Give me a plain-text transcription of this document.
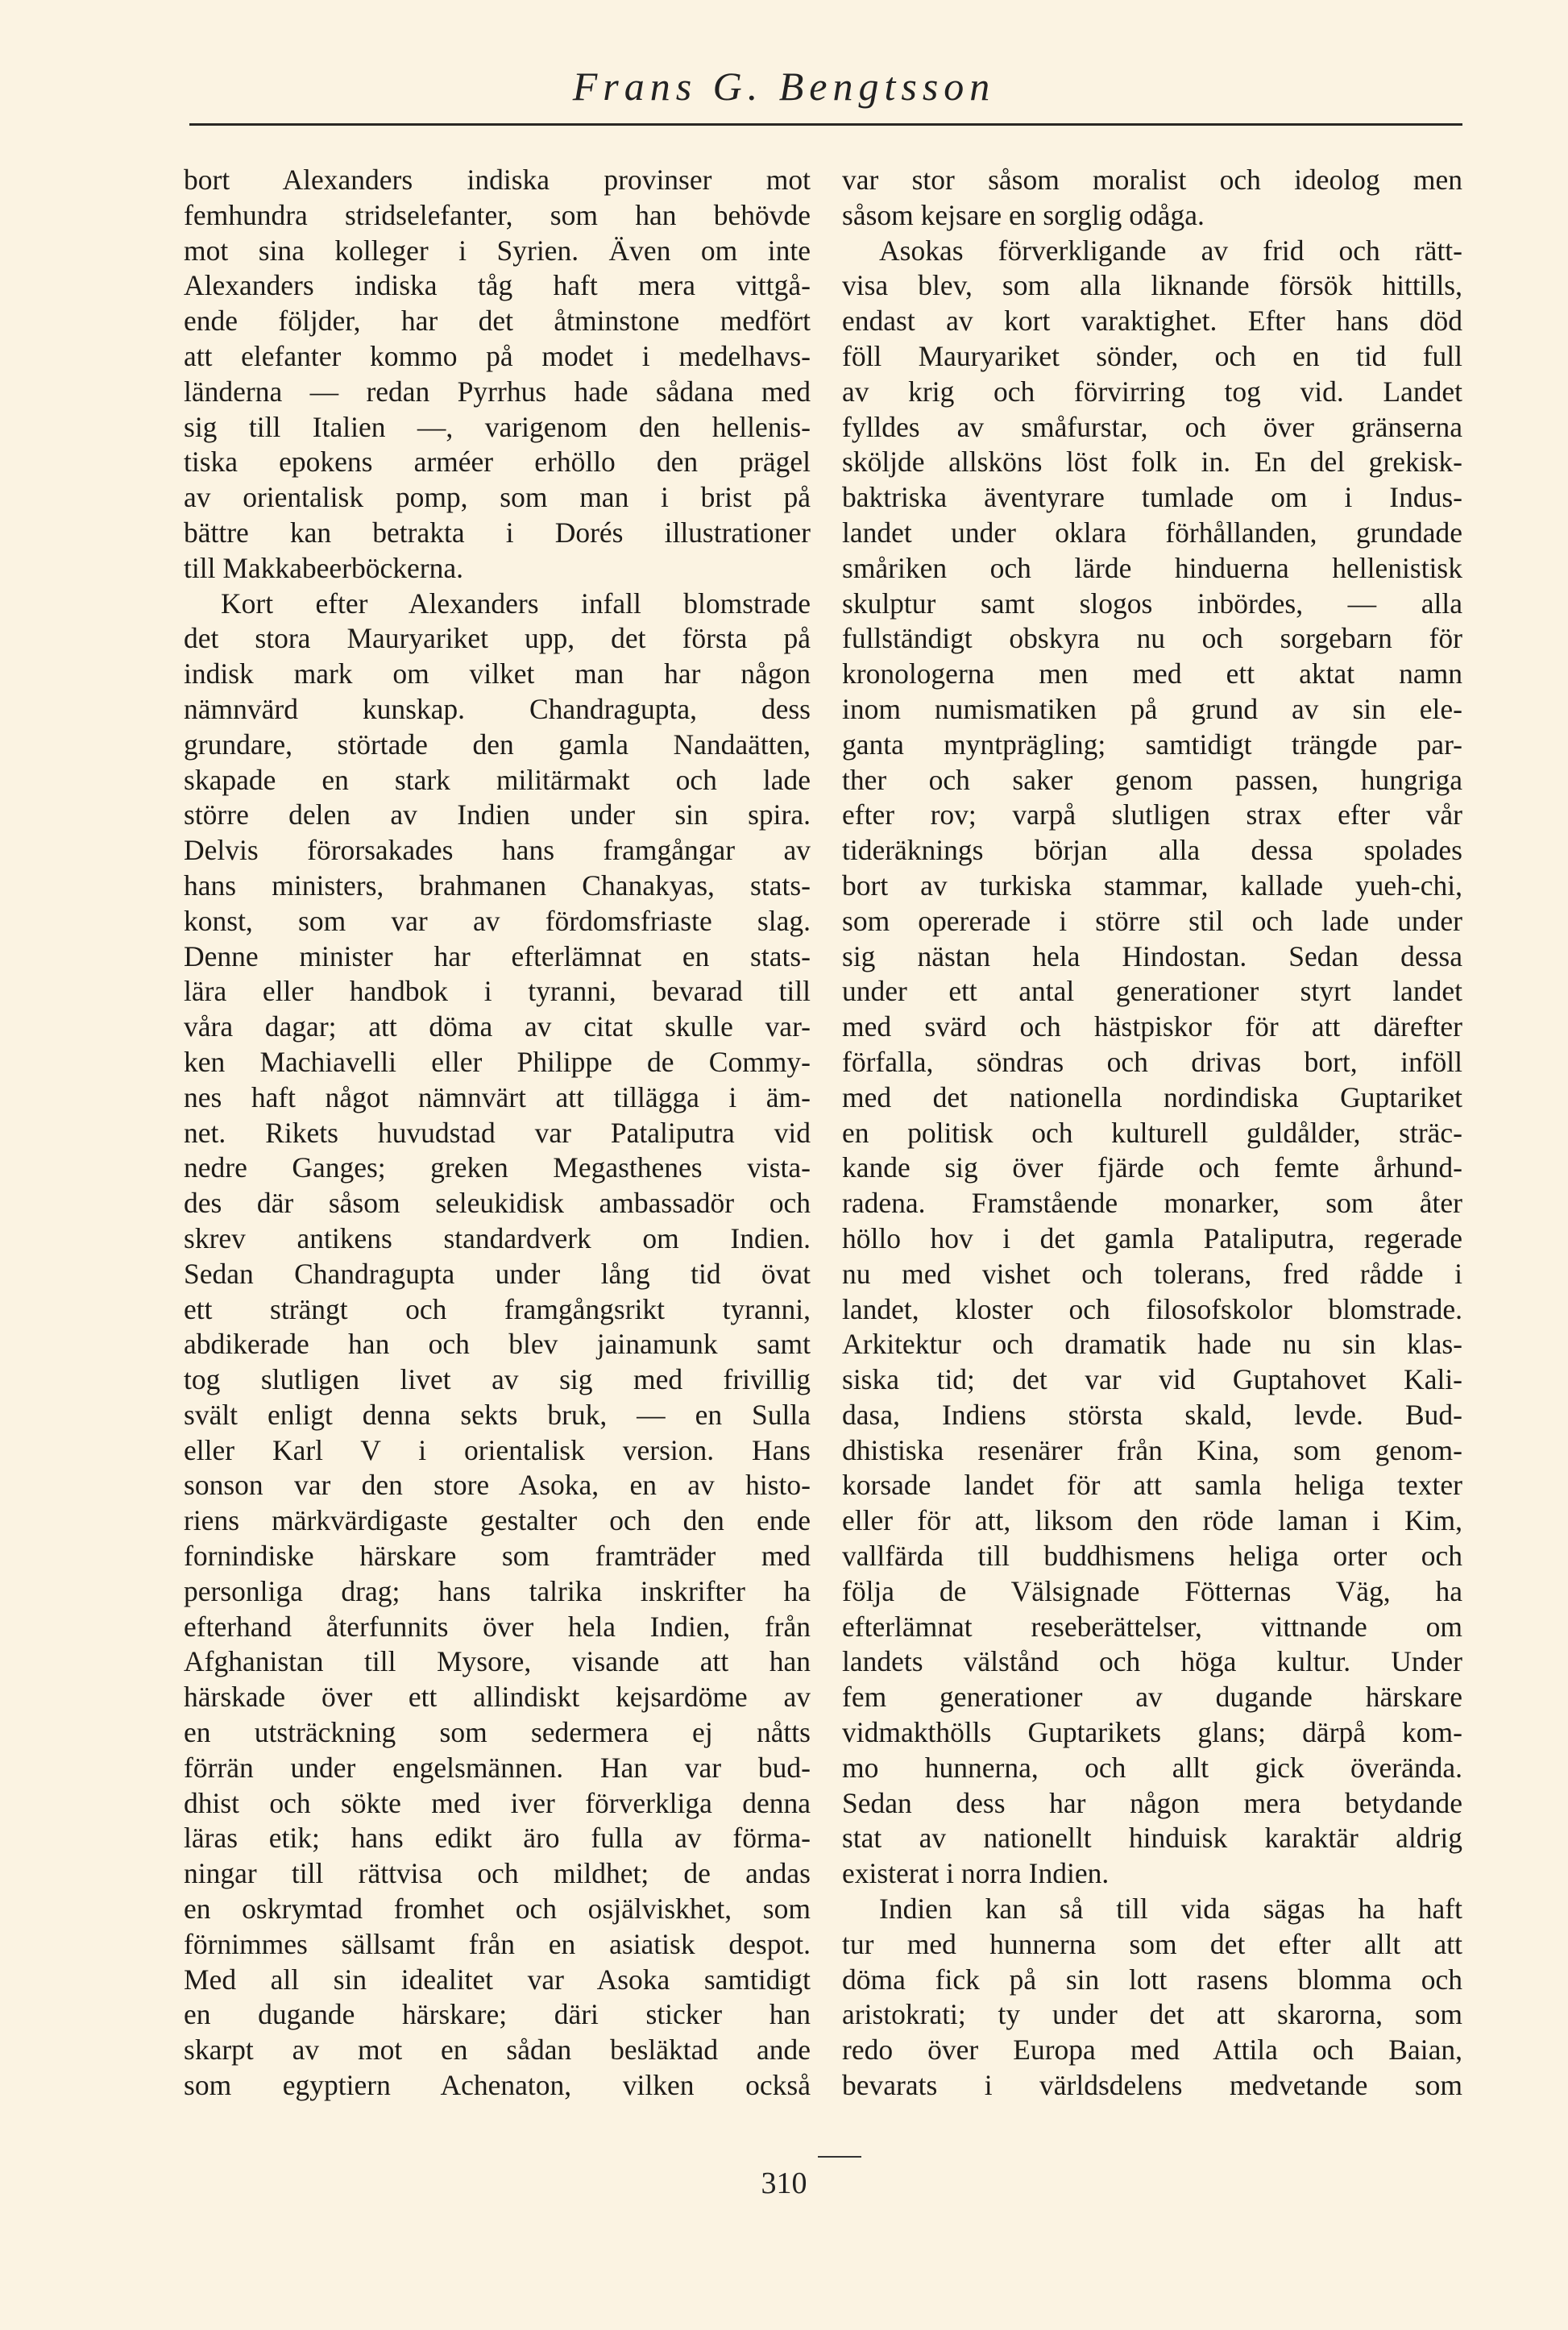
Frans G. Bengtsson
bort Alexanders indiska provinser mot
femhundra stridselefanter, som han behövde
mot sina kolleger i Syrien. Även om inte
Alexanders indiska tåg haft mera vittgå-
ende följder, har det åtminstone medfört
att elefanter kommo på modet i medelhavs-
länderna — redan Pyrrhus hade sådana med
sig till Italien —, varigenom den hellenis-
tiska epokens arméer erhöllo den prägel
av orientalisk pomp, som man i brist på
bättre kan betrakta i Dorés illustrationer
till Makkabeerböckerna.
Kort efter Alexanders infall blomstrade
det stora Mauryariket upp, det första på
indisk mark om vilket man har någon
nämnvärd kunskap. Chandragupta, dess
grundare, störtade den gamla Nandaätten,
skapade en stark militärmakt och lade
större delen av Indien under sin spira.
Delvis förorsakades hans framgångar av
hans ministers, brahmanen Chanakyas, stats-
konst, som var av fördomsfriaste slag.
Denne minister har efterlämnat en stats-
lära eller handbok i tyranni, bevarad till
våra dagar; att döma av citat skulle var-
ken Machiavelli eller Philippe de Commy-
nes haft något nämnvärt att tillägga i äm-
net. Rikets huvudstad var Pataliputra vid
nedre Ganges; greken Megasthenes vista-
des där såsom seleukidisk ambassadör och
skrev antikens standardverk om Indien.
Sedan Chandragupta under lång tid övat
ett strängt och framgångsrikt tyranni,
abdikerade han och blev jainamunk samt
tog slutligen livet av sig med frivillig
svält enligt denna sekts bruk, — en Sulla
eller Karl V i orientalisk version. Hans
sonson var den store Asoka, en av histo-
riens märkvärdigaste gestalter och den ende
fornindiske härskare som framträder med
personliga drag; hans talrika inskrifter ha
efterhand återfunnits över hela Indien, från
Afghanistan till Mysore, visande att han
härskade över ett allindiskt kejsardöme av
en utsträckning som sedermera ej nåtts
förrän under engelsmännen. Han var bud-
dhist och sökte med iver förverkliga denna
läras etik; hans edikt äro fulla av förma-
ningar till rättvisa och mildhet; de andas
en oskrymtad fromhet och osjälviskhet, som
förnimmes sällsamt från en asiatisk despot.
Med all sin idealitet var Asoka samtidigt
en dugande härskare; däri sticker han
skarpt av mot en sådan besläktad ande
som egyptiern Achenaton, vilken också
var stor såsom moralist och ideolog men
såsom kejsare en sorglig odåga.
Asokas förverkligande av frid och rätt-
visa blev, som alla liknande försök hittills,
endast av kort varaktighet. Efter hans död
föll Mauryariket sönder, och en tid full
av krig och förvirring tog vid. Landet
fylldes av småfurstar, och över gränserna
sköljde allsköns löst folk in. En del grekisk-
baktriska äventyrare tumlade om i Indus-
landet under oklara förhållanden, grundade
småriken och lärde hinduerna hellenistisk
skulptur samt slogos inbördes, — alla
fullständigt obskyra nu och sorgebarn för
kronologerna men med ett aktat namn
inom numismatiken på grund av sin ele-
ganta myntprägling; samtidigt trängde par-
ther och saker genom passen, hungriga
efter rov; varpå slutligen strax efter vår
tideräknings början alla dessa spolades
bort av turkiska stammar, kallade yueh-chi,
som opererade i större stil och lade under
sig nästan hela Hindostan. Sedan dessa
under ett antal generationer styrt landet
med svärd och hästpiskor för att därefter
förfalla, söndras och drivas bort, inföll
med det nationella nordindiska Guptariket
en politisk och kulturell guldålder, sträc-
kande sig över fjärde och femte århund-
radena. Framstående monarker, som åter
höllo hov i det gamla Pataliputra, regerade
nu med vishet och tolerans, fred rådde i
landet, kloster och filosofskolor blomstrade.
Arkitektur och dramatik hade nu sin klas-
siska tid; det var vid Guptahovet Kali-
dasa, Indiens största skald, levde. Bud-
dhistiska resenärer från Kina, som genom-
korsade landet för att samla heliga texter
eller för att, liksom den röde laman i Kim,
vallfärda till buddhismens heliga orter och
följa de Välsignade Fötternas Väg, ha
efterlämnat reseberättelser, vittnande om
landets välstånd och höga kultur. Under
fem generationer av dugande härskare
vidmakthölls Guptarikets glans; därpå kom-
mo hunnerna, och allt gick överända.
Sedan dess har någon mera betydande
stat av nationellt hinduisk karaktär aldrig
existerat i norra Indien.
Indien kan så till vida sägas ha haft
tur med hunnerna som det efter allt att
döma fick på sin lott rasens blomma och
aristokrati; ty under det att skarorna, som
redo över Europa med Attila och Baian,
bevarats i världsdelens medvetande som
310
